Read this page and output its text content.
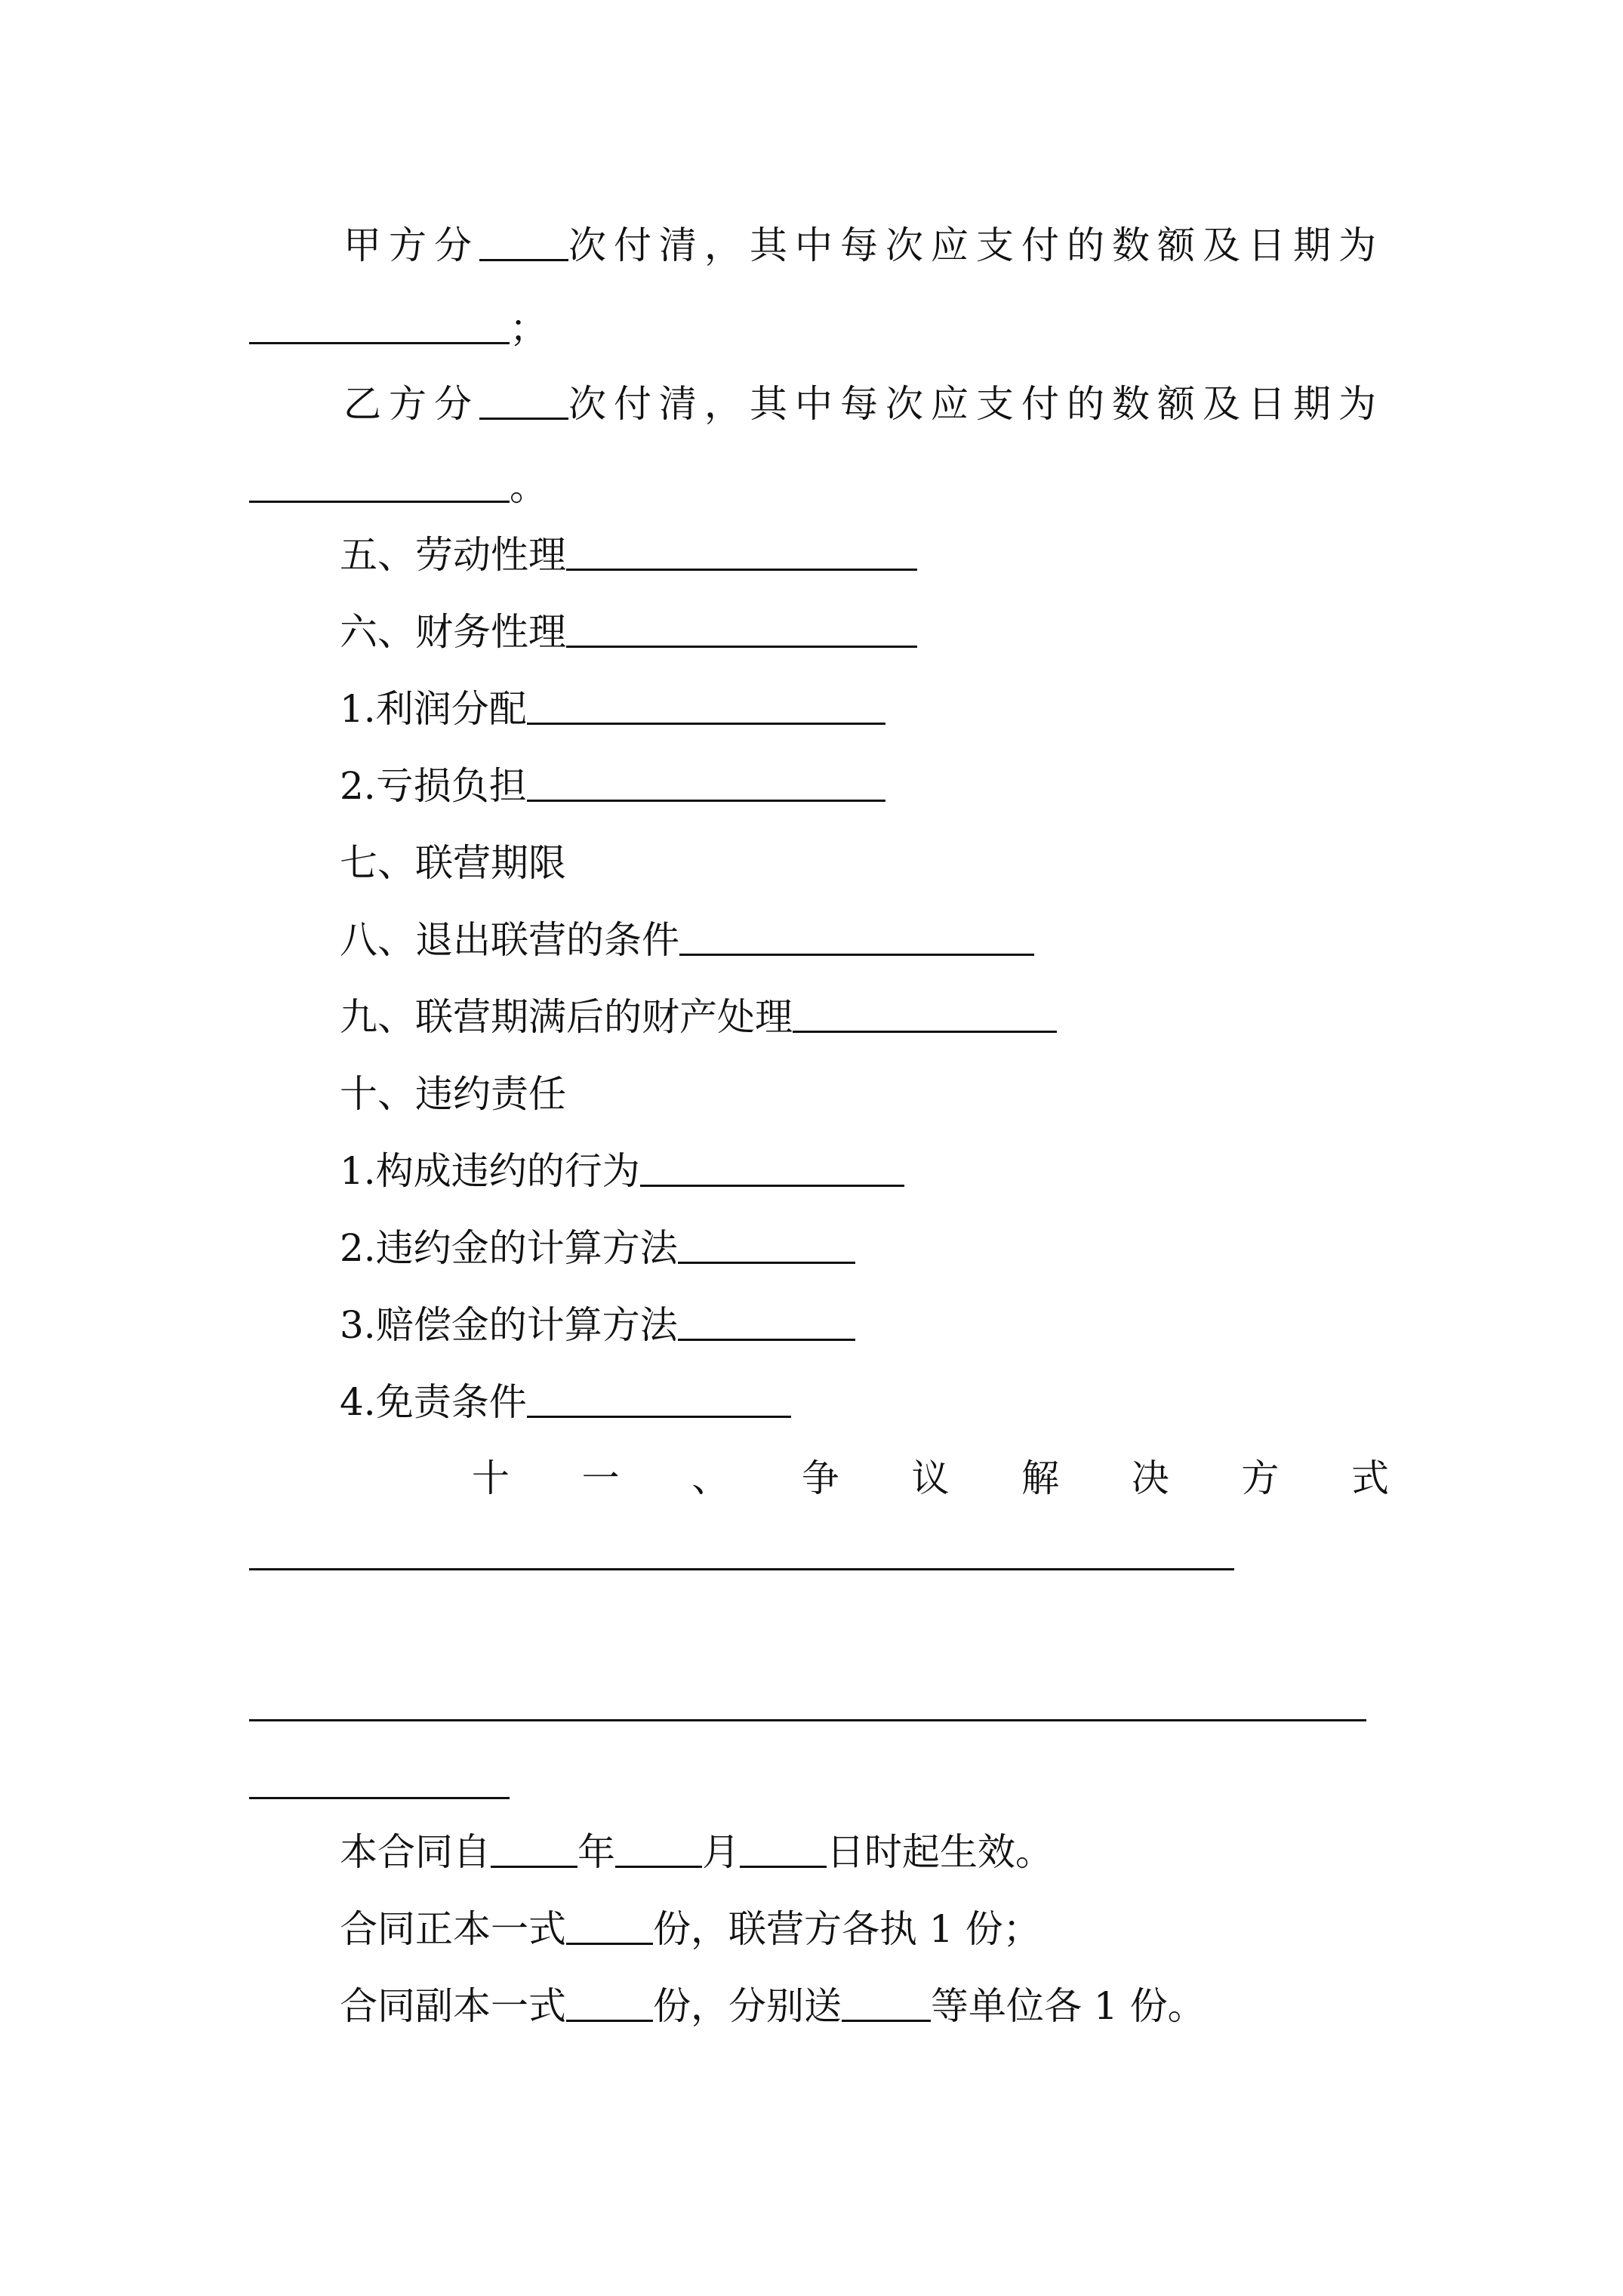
甲方分 次付清，其中每次应支付的数额及日期为
；
乙方分 次付清，其中每次应支付的数额及日期为
。
五、劳动性理
六、财务性理
1.利润分配
2.亏损负担
七、联营期限
八、退出联营的条件
九、联营期满后的财产处理
十、违约责任
1.构成违约的行为
2.违约金的计算方法
3.赔偿金的计算方法
4.免责条件
十 一 、 争 议 解 决 方 式
本合同自 年 月 日时起生效。
合同正本一式 份，联营方各执 1 份；
合同副本一式 份，分别送 等单位各 1 份。
